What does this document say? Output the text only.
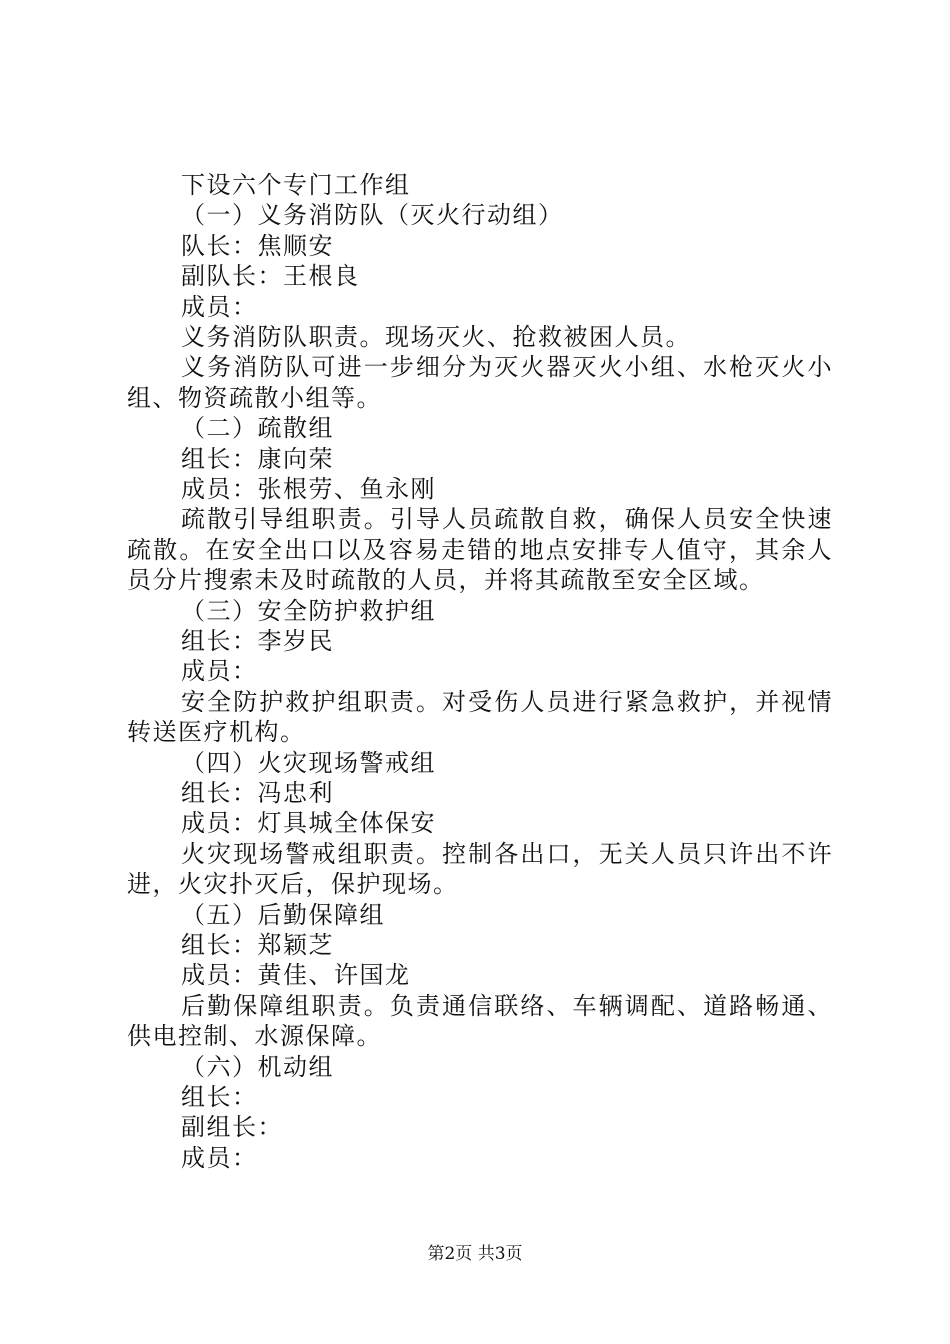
下设六个专门工作组
（一）义务消防队（灭火行动组）
队长：焦顺安
副队长：王根良
成员：
义务消防队职责。现场灭火、抢救被困人员。
义务消防队可进一步细分为灭火器灭火小组、水枪灭火小组、物资疏散小组等。
（二）疏散组
组长：康向荣
成员：张根劳、鱼永刚
疏散引导组职责。引导人员疏散自救，确保人员安全快速疏散。在安全出口以及容易走错的地点安排专人值守，其余人员分片搜索未及时疏散的人员，并将其疏散至安全区域。
（三）安全防护救护组
组长：李岁民
成员：
安全防护救护组职责。对受伤人员进行紧急救护，并视情转送医疗机构。
（四）火灾现场警戒组
组长：冯忠利
成员：灯具城全体保安
火灾现场警戒组职责。控制各出口，无关人员只许出不许进，火灾扑灭后，保护现场。
（五）后勤保障组
组长：郑颖芝
成员：黄佳、许国龙
后勤保障组职责。负责通信联络、车辆调配、道路畅通、供电控制、水源保障。
（六）机动组
组长：
副组长：
成员：
第2页 共3页
